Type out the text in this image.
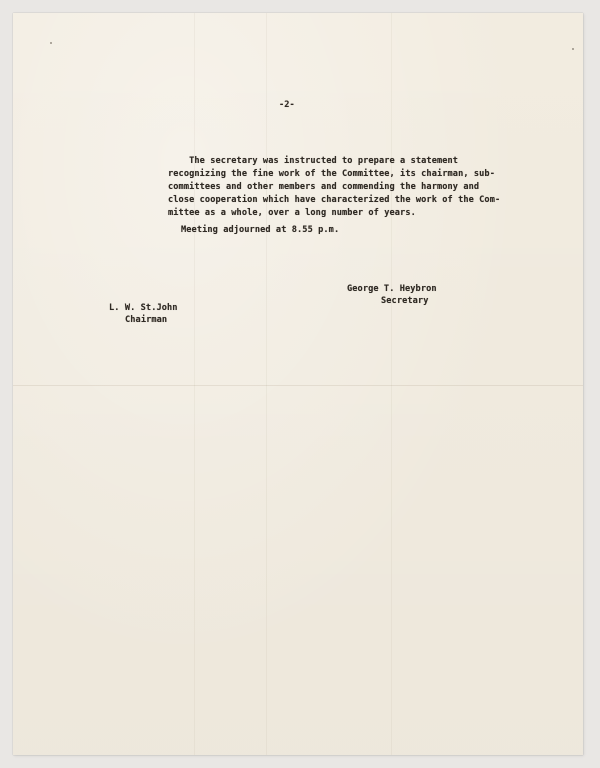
-2-
The secretary was instructed to prepare a statement
recognizing the fine work of the Committee, its chairman, sub-
committees and other members and commending the harmony and
close cooperation which have characterized the work of the Com-
mittee as a whole, over a long number of years.
Meeting adjourned at 8.55 p.m.
George T. Heybron
Secretary
L. W. St.John
Chairman
